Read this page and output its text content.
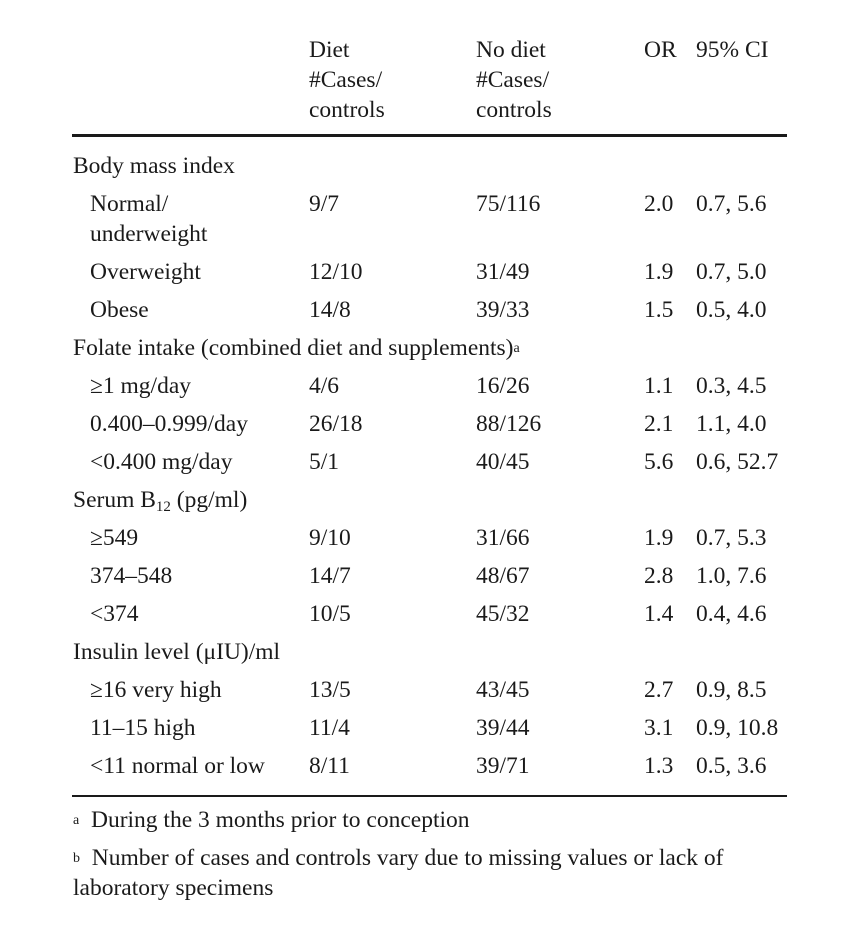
Diet
#Cases/
controls
No diet
#Cases/
controls
OR 95% CI
Body mass index
Normal/
underweight
9/7	75/116	2.0 0.7, 5.6
Overweight	12/10	31/49	1.9 0.7, 5.0
Obese	14/8	39/33	1.5 0.5, 4.0
Folate intake (combined diet and supplements)$^a$
≥1 mg/day	4/6	16/26	1.1 0.3, 4.5
0.400–0.999/day	26/18	88/126	2.1 1.1, 4.0
<0.400 mg/day	5/1	40/45	5.6 0.6, 52.7
Serum B12 (pg/ml)
≥549	9/10	31/66	1.9 0.7, 5.3
374–548	14/7	48/67	2.8 1.0, 7.6
<374	10/5	45/32	1.4 0.4, 4.6
Insulin level (μIU)/ml
≥16 very high	13/5	43/45	2.7 0.9, 8.5
11–15 high	11/4	39/44	3.1 0.9, 10.8
<11 normal or low 8/11	39/71	1.3 0.5, 3.6
$^a$  During the 3 months prior to conception
$^b$  Number of cases and controls vary due to missing values or lack of
laboratory specimens
